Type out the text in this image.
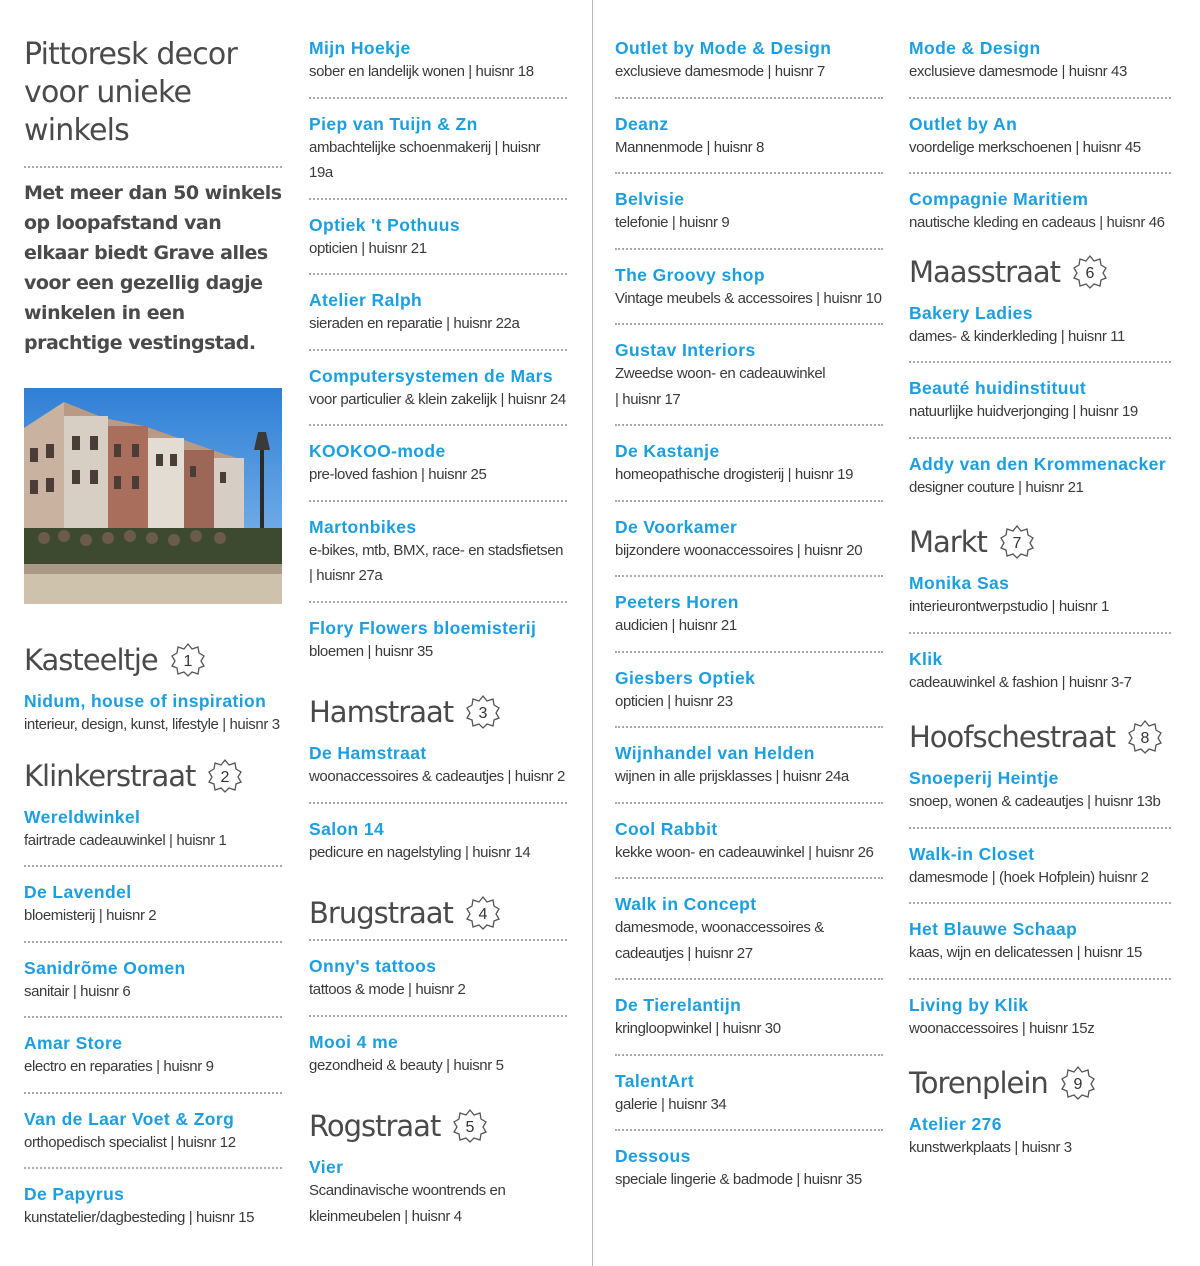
Pittoresk decor voor unieke winkels

Met meer dan 50 winkels op loopafstand van elkaar biedt Grave alles voor een gezellig dagje winkelen in een prachtige vestingstad.

Kasteeltje 1
Nidum, house of inspiration
interieur, design, kunst, lifestyle | huisnr 3
Klinkerstraat 2
Wereldwinkel
fairtrade cadeauwinkel | huisnr 1
De Lavendel
bloemisterij | huisnr 2
Sanidrõme Oomen
sanitair | huisnr 6
Amar Store
electro en reparaties | huisnr 9
Van de Laar Voet & Zorg
orthopedisch specialist | huisnr 12
De Papyrus
kunstatelier/dagbesteding | huisnr 15
Mijn Hoekje
sober en landelijk wonen | huisnr 18
Piep van Tuijn & Zn
ambachtelijke schoenmakerij | huisnr 19a
Optiek 't Pothuus
opticien | huisnr 21
Atelier Ralph
sieraden en reparatie | huisnr 22a
Computersystemen de Mars
voor particulier & klein zakelijk | huisnr 24
KOOKOO-mode
pre-loved fashion | huisnr 25
Martonbikes
e-bikes, mtb, BMX, race- en stadsfietsen | huisnr 27a
Flory Flowers bloemisterij
bloemen | huisnr 35
Hamstraat 3
De Hamstraat
woonaccessoires & cadeautjes | huisnr 2
Salon 14
pedicure en nagelstyling | huisnr 14
Brugstraat 4
Onny's tattoos
tattoos & mode | huisnr 2
Mooi 4 me
gezondheid & beauty | huisnr 5
Rogstraat 5
Vier
Scandinavische woontrends en kleinmeubelen | huisnr 4
Outlet by Mode & Design
exclusieve damesmode | huisnr 7
Deanz
Mannenmode | huisnr 8
Belvisie
telefonie | huisnr 9
The Groovy shop
Vintage meubels & accessoires | huisnr 10
Gustav Interiors
Zweedse woon- en cadeauwinkel | huisnr 17
De Kastanje
homeopathische drogisterij | huisnr 19
De Voorkamer
bijzondere woonaccessoires | huisnr 20
Peeters Horen
audicien | huisnr 21
Giesbers Optiek
opticien | huisnr 23
Wijnhandel van Helden
wijnen in alle prijsklasses | huisnr 24a
Cool Rabbit
kekke woon- en cadeauwinkel | huisnr 26
Walk in Concept
damesmode, woonaccessoires & cadeautjes | huisnr 27
De Tierelantijn
kringloopwinkel | huisnr 30
TalentArt
galerie | huisnr 34
Dessous
speciale lingerie & badmode | huisnr 35
Mode & Design
exclusieve damesmode | huisnr 43
Outlet by An
voordelige merkschoenen | huisnr 45
Compagnie Maritiem
nautische kleding en cadeaus | huisnr 46
Maasstraat 6
Bakery Ladies
dames- & kinderkleding | huisnr 11
Beauté huidinstituut
natuurlijke huidverjonging | huisnr 19
Addy van den Krommenacker
designer couture | huisnr 21
Markt 7
Monika Sas
interieurontwerpstudio | huisnr 1
Klik
cadeauwinkel & fashion | huisnr 3-7
Hoofschestraat 8
Snoeperij Heintje
snoep, wonen & cadeautjes | huisnr 13b
Walk-in Closet
damesmode | (hoek Hofplein) huisnr 2
Het Blauwe Schaap
kaas, wijn en delicatessen | huisnr 15
Living by Klik
woonaccessoires | huisnr 15z
Torenplein 9
Atelier 276
kunstwerkplaats | huisnr 3
